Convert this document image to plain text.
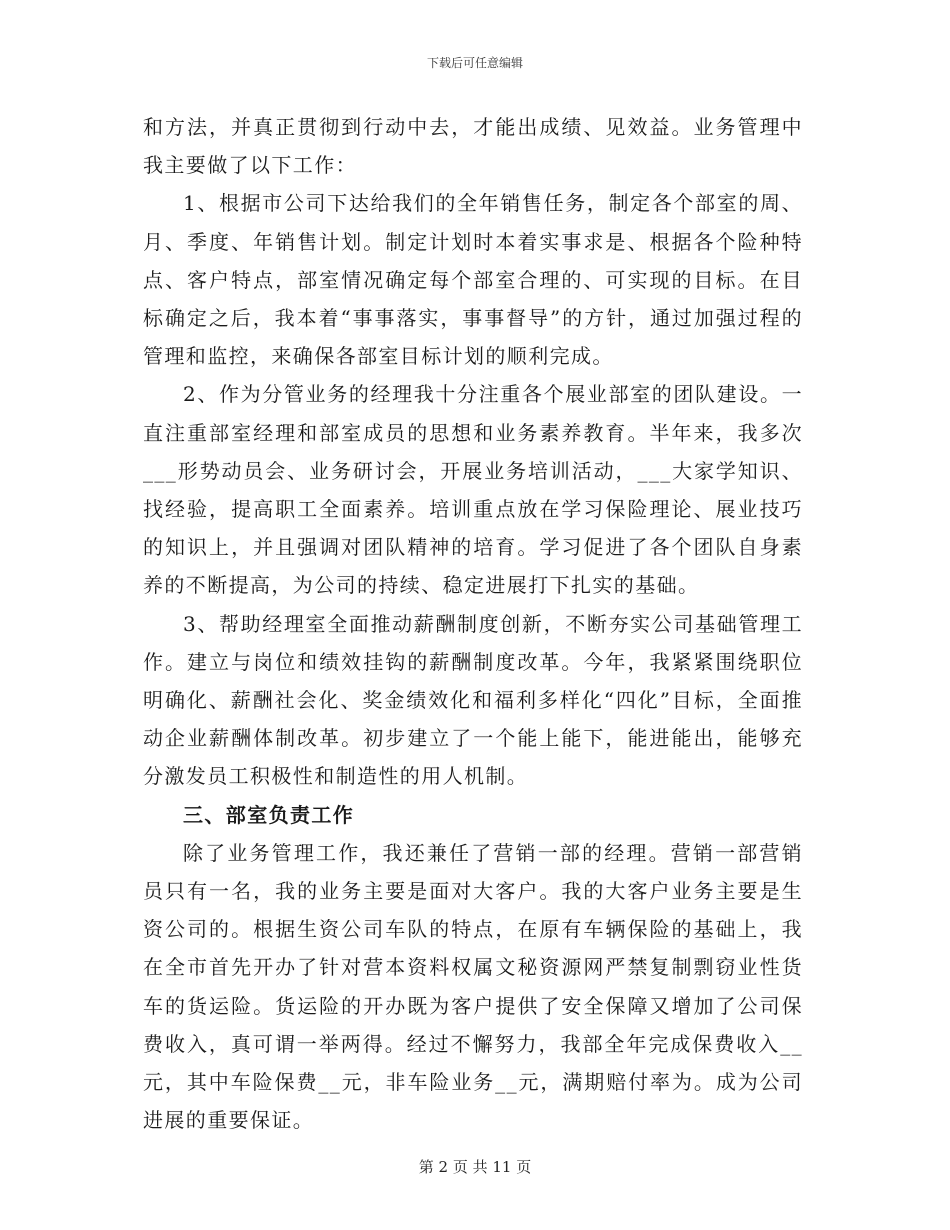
下载后可任意编辑

和方法，并真正贯彻到行动中去，才能出成绩、见效益。业务管理中我主要做了以下工作：

1、根据市公司下达给我们的全年销售任务，制定各个部室的周、月、季度、年销售计划。制定计划时本着实事求是、根据各个险种特点、客户特点，部室情况确定每个部室合理的、可实现的目标。在目标确定之后，我本着“事事落实，事事督导”的方针，通过加强过程的管理和监控，来确保各部室目标计划的顺利完成。

2、作为分管业务的经理我十分注重各个展业部室的团队建设。一直注重部室经理和部室成员的思想和业务素养教育。半年来，我多次___形势动员会、业务研讨会，开展业务培训活动，___大家学知识、找经验，提高职工全面素养。培训重点放在学习保险理论、展业技巧的知识上，并且强调对团队精神的培育。学习促进了各个团队自身素养的不断提高，为公司的持续、稳定进展打下扎实的基础。

3、帮助经理室全面推动薪酬制度创新，不断夯实公司基础管理工作。建立与岗位和绩效挂钩的薪酬制度改革。今年，我紧紧围绕职位明确化、薪酬社会化、奖金绩效化和福利多样化“四化”目标，全面推动企业薪酬体制改革。初步建立了一个能上能下，能进能出，能够充分激发员工积极性和制造性的用人机制。

三、部室负责工作

除了业务管理工作，我还兼任了营销一部的经理。营销一部营销员只有一名，我的业务主要是面对大客户。我的大客户业务主要是生资公司的。根据生资公司车队的特点，在原有车辆保险的基础上，我在全市首先开办了针对营本资料权属文秘资源网严禁复制剽窃业性货车的货运险。货运险的开办既为客户提供了安全保障又增加了公司保费收入，真可谓一举两得。经过不懈努力，我部全年完成保费收入__元，其中车险保费__元，非车险业务__元，满期赔付率为。成为公司进展的重要保证。

第 2 页 共 11 页
